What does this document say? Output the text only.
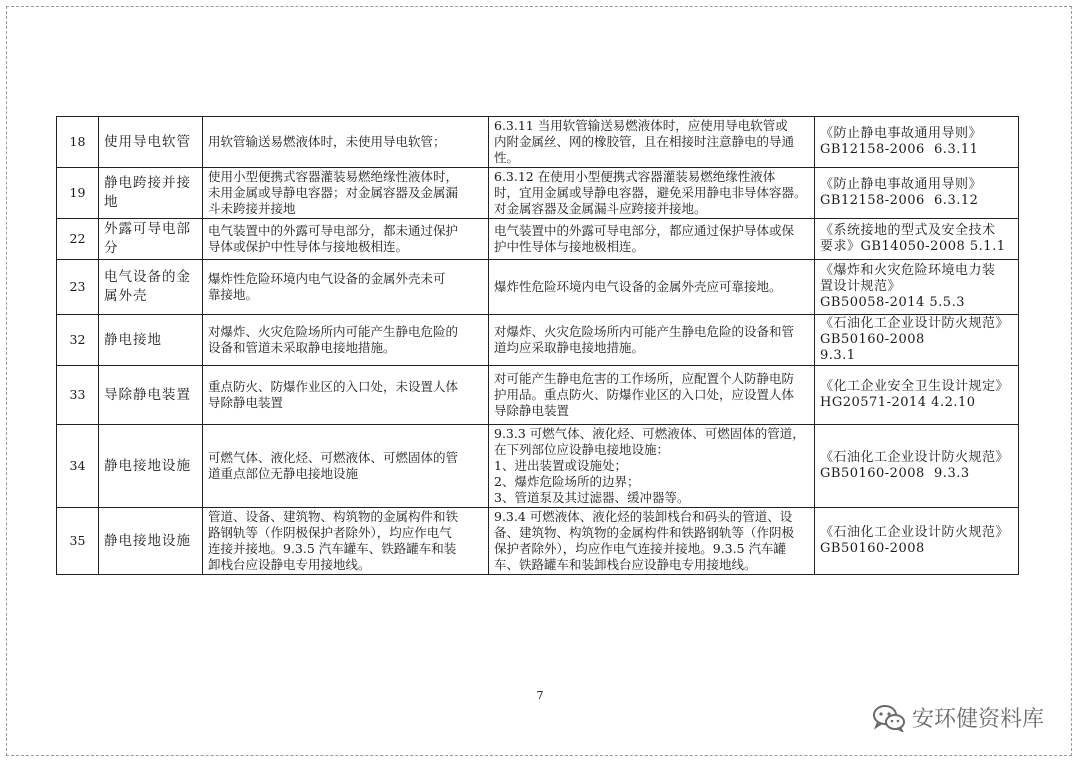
18	使用导电软管	用软管输送易燃液体时，未使用导电软管；	6.3.11 当用软管输送易燃液体时，应使用导电软管或
内附金属丝、网的橡胶管，且在相接时注意静电的导通
性。	《防止静电事故通用导则》
GB12158-2006  6.3.11

19	静电跨接并接
地	使用小型便携式容器灌装易燃绝缘性液体时，
未用金属或导静电容器；对金属容器及金属漏
斗未跨接并接地	6.3.12 在使用小型便携式容器灌装易燃绝缘性液体
时，宜用金属或导静电容器，避免采用静电非导体容器。
对金属容器及金属漏斗应跨接并接地。	《防止静电事故通用导则》
GB12158-2006  6.3.12

22	外露可导电部
分	电气装置中的外露可导电部分，都未通过保护
导体或保护中性导体与接地极相连。	电气装置中的外露可导电部分，都应通过保护导体或保
护中性导体与接地极相连。	《系统接地的型式及安全技术
要求》GB14050-2008 5.1.1

23	电气设备的金
属外壳	爆炸性危险环境内电气设备的金属外壳未可
靠接地。	爆炸性危险环境内电气设备的金属外壳应可靠接地。	《爆炸和火灾危险环境电力装
置设计规范》
GB50058-2014 5.5.3

32	静电接地	对爆炸、火灾危险场所内可能产生静电危险的
设备和管道未采取静电接地措施。	对爆炸、火灾危险场所内可能产生静电危险的设备和管
道均应采取静电接地措施。	《石油化工企业设计防火规范》
GB50160-2008
9.3.1

33	导除静电装置	重点防火、防爆作业区的入口处，未设置人体
导除静电装置	对可能产生静电危害的工作场所，应配置个人防静电防
护用品。重点防火、防爆作业区的入口处，应设置人体
导除静电装置	《化工企业安全卫生设计规定》
HG20571-2014 4.2.10

34	静电接地设施	可燃气体、液化烃、可燃液体、可燃固体的管
道重点部位无静电接地设施	9.3.3 可燃气体、液化烃、可燃液体、可燃固体的管道，
在下列部位应设静电接地设施：
1、进出装置或设施处；
2、爆炸危险场所的边界；
3、管道泵及其过滤器、缓冲器等。	《石油化工企业设计防火规范》
GB50160-2008  9.3.3

35	静电接地设施	管道、设备、建筑物、构筑物的金属构件和铁
路钢轨等（作阴极保护者除外），均应作电气
连接并接地。9.3.5 汽车罐车、铁路罐车和装
卸栈台应设静电专用接地线。	9.3.4 可燃液体、液化烃的装卸栈台和码头的管道、设
备、建筑物、构筑物的金属构件和铁路钢轨等（作阴极
保护者除外），均应作电气连接并接地。9.3.5 汽车罐
车、铁路罐车和装卸栈台应设静电专用接地线。	《石油化工企业设计防火规范》
GB50160-2008
7
安环健资料库
